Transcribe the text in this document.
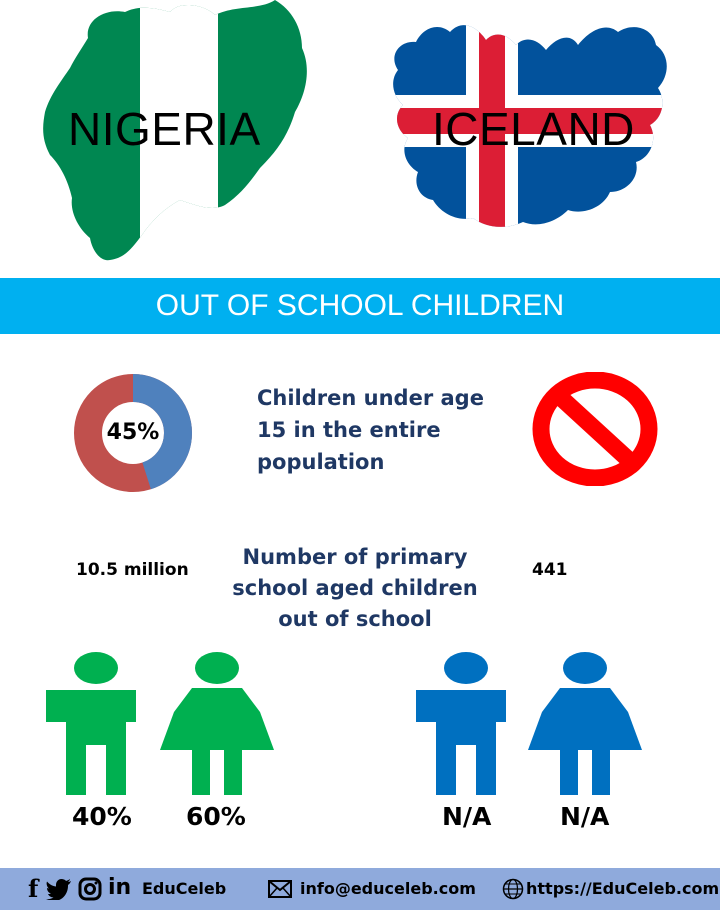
NIGERIA	ICELAND
OUT OF SCHOOL CHILDREN
45%
Children under age
15 in the entire
population
10.5 million
Number of primary
school aged children
out of school
441
40% 60%	N/A	N/A
f	in EduCeleb	info@educeleb.com	https://EduCeleb.com
